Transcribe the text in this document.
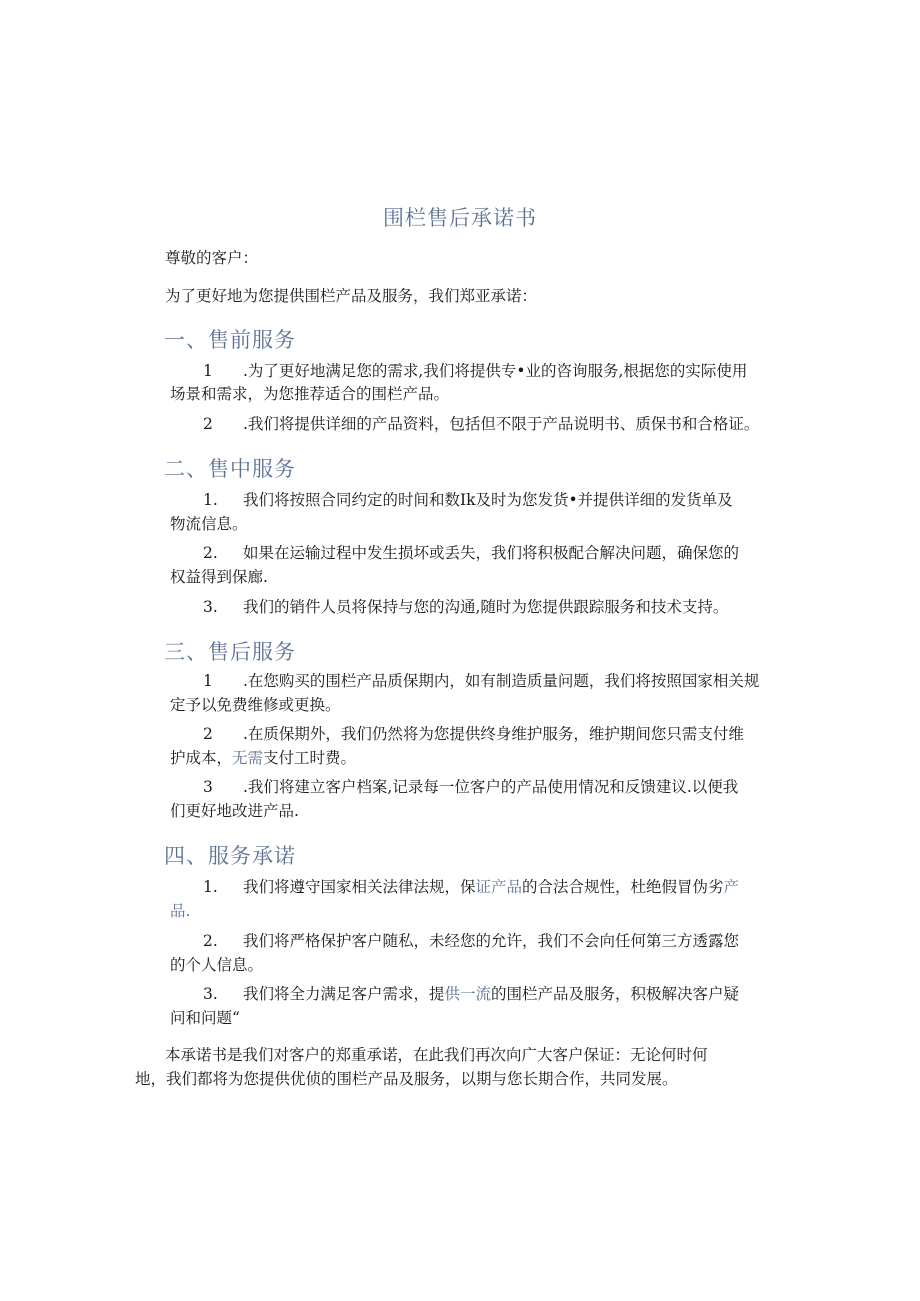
围栏售后承诺书
尊敬的客户：
为了更好地为您提供围栏产品及服务，我们郑亚承诺：
一、售前服务
1 .为了更好地满足您的需求,我们将提供专•业的咨询服务,根据您的实际使用
场景和需求，为您推荐适合的围栏产品。
2 .我们将提供详细的产品资料，包括但不限于产品说明书、质保书和合格证。
二、售中服务
1. 我们将按照合同约定的时间和数Ik及时为您发货•并提供详细的发货单及
物流信息。
2. 如果在运输过程中发生损坏或丢失，我们将积极配合解决问题，确保您的
权益得到保廊.
3. 我们的销件人员将保持与您的沟通,随时为您提供跟踪服务和技术支持。
三、售后服务
1 .在您购买的围栏产品质保期内，如有制造质量问题，我们将按照国家相关规
定予以免费维修或更换。
2 .在质保期外，我们仍然将为您提供终身维护服务，维护期间您只需支付维
护成本，无需支付工时费。
3 .我们将建立客户档案,记录每一位客户的产品使用情况和反馈建议.以便我
们更好地改进产品.
四、服务承诺
1. 我们将遵守国家相关法律法规，保证产品的合法合规性，杜绝假冒伪劣产
品.
2. 我们将严格保护客户随私，未经您的允许，我们不会向任何第三方透露您
的个人信息。
3. 我们将全力满足客户需求，提供一流的围栏产品及服务，积极解决客户疑
问和问题“
本承诺书是我们对客户的郑重承诺，在此我们再次向广大客户保证：无论何时何
地，我们都将为您提供优侦的围栏产品及服务，以期与您长期合作，共同发展。
